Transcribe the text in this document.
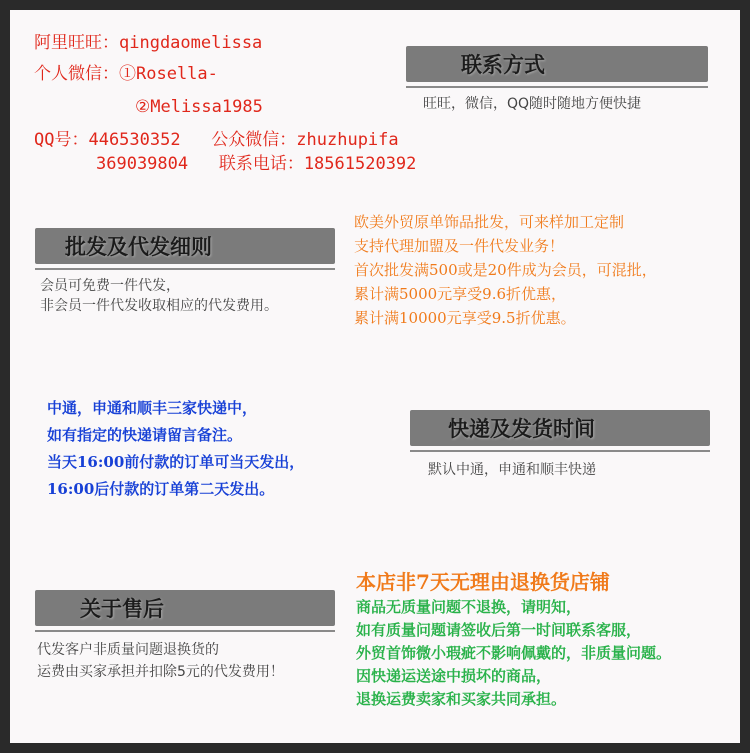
阿里旺旺：qingdaomelissa
个人微信：①Rosella-
②Melissa1985
QQ号：446530352   公众微信：zhuzhupifa
369039804   联系电话：18561520392
联系方式
旺旺，微信，QQ随时随地方便快捷
欧美外贸原单饰品批发，可来样加工定制
支持代理加盟及一件代发业务！
首次批发满500或是20件成为会员，可混批，
累计满5000元享受9.6折优惠，
累计满10000元享受9.5折优惠。
批发及代发细则
会员可免费一件代发，
非会员一件代发收取相应的代发费用。
中通，申通和顺丰三家快递中，
如有指定的快递请留言备注。
当天16:00前付款的订单可当天发出，
16:00后付款的订单第二天发出。
快递及发货时间
默认中通，申通和顺丰快递
本店非7天无理由退换货店铺
商品无质量问题不退换，请明知，
如有质量问题请签收后第一时间联系客服，
外贸首饰微小瑕疵不影响佩戴的，非质量问题。
因快递运送途中损坏的商品，
退换运费卖家和买家共同承担。
关于售后
代发客户非质量问题退换货的
运费由买家承担并扣除5元的代发费用！
